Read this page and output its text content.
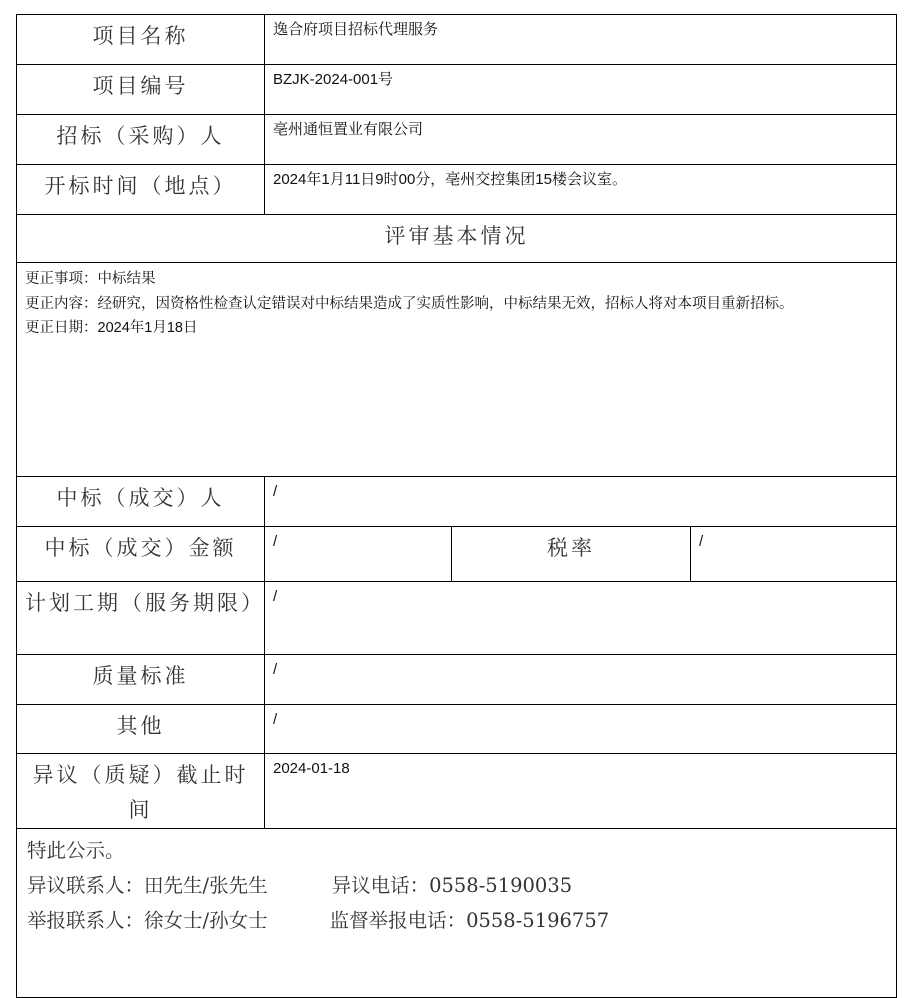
项目名称	逸合府项目招标代理服务		
项目编号	BZJK-2024-001号		
招标（采购）人	亳州通恒置业有限公司		
开标时间（地点）	2024年1月11日9时00分，亳州交控集团15楼会议室。		
评审基本情况			

更正事项：中标结果
更正内容：经研究，因资格性检查认定错误对中标结果造成了实质性影响，中标结果无效，招标人将对本项目重新招标。
更正日期：2024年1月18日			

中标（成交）人	/		
中标（成交）金额	/	税率	/
计划工期（服务期限）	/		
质量标准	/		
其他	/		
异议（质疑）截止时间	2024-01-18		

特此公示。
异议联系人：田先生/张先生 异议电话：0558-5190035
举报联系人：徐女士/孙女士 监督举报电话：0558-5196757			
